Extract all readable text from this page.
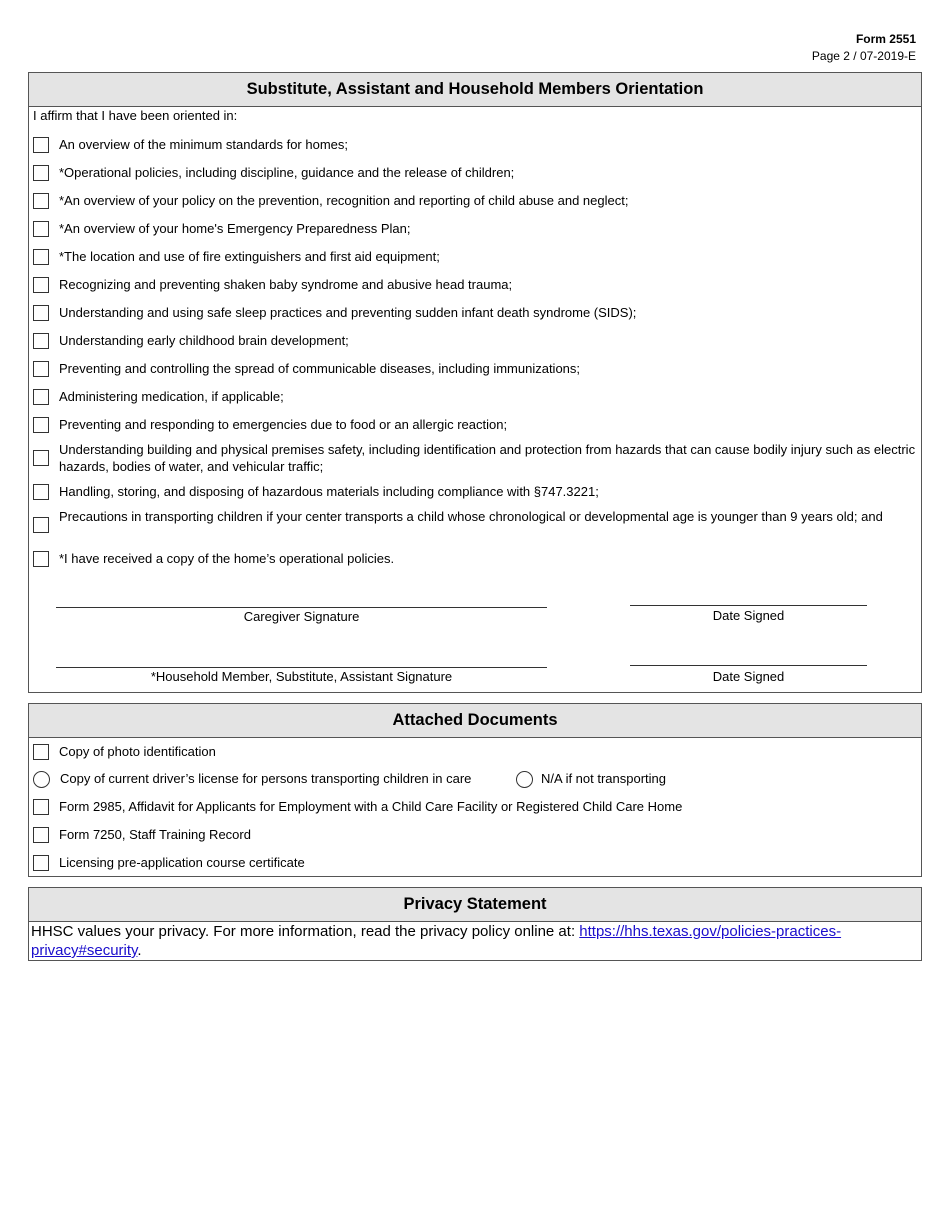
Form 2551
Page 2 / 07-2019-E
Substitute, Assistant and Household Members Orientation
I affirm that I have been oriented in:
An overview of the minimum standards for homes;
*Operational policies, including discipline, guidance and the release of children;
*An overview of your policy on the prevention, recognition and reporting of child abuse and neglect;
*An overview of your home's Emergency Preparedness Plan;
*The location and use of fire extinguishers and first aid equipment;
Recognizing and preventing shaken baby syndrome and abusive head trauma;
Understanding and using safe sleep practices and preventing sudden infant death syndrome (SIDS);
Understanding early childhood brain development;
Preventing and controlling the spread of communicable diseases, including immunizations;
Administering medication, if applicable;
Preventing and responding to emergencies due to food or an allergic reaction;
Understanding building and physical premises safety, including identification and protection from hazards that can cause bodily injury such as electric hazards, bodies of water, and vehicular traffic;
Handling, storing, and disposing of hazardous materials including compliance with §747.3221;
Precautions in transporting children if your center transports a child whose chronological or developmental age is younger than 9 years old; and
*I have received a copy of the home’s operational policies.
Caregiver Signature	Date Signed
*Household Member, Substitute, Assistant Signature	Date Signed
Attached Documents
Copy of photo identification
Copy of current driver’s license for persons transporting children in care	N/A if not transporting
Form 2985, Affidavit for Applicants for Employment with a Child Care Facility or Registered Child Care Home
Form 7250, Staff Training Record
Licensing pre-application course certificate
Privacy Statement
HHSC values your privacy. For more information, read the privacy policy online at: https://hhs.texas.gov/policies-practices-privacy#security.
